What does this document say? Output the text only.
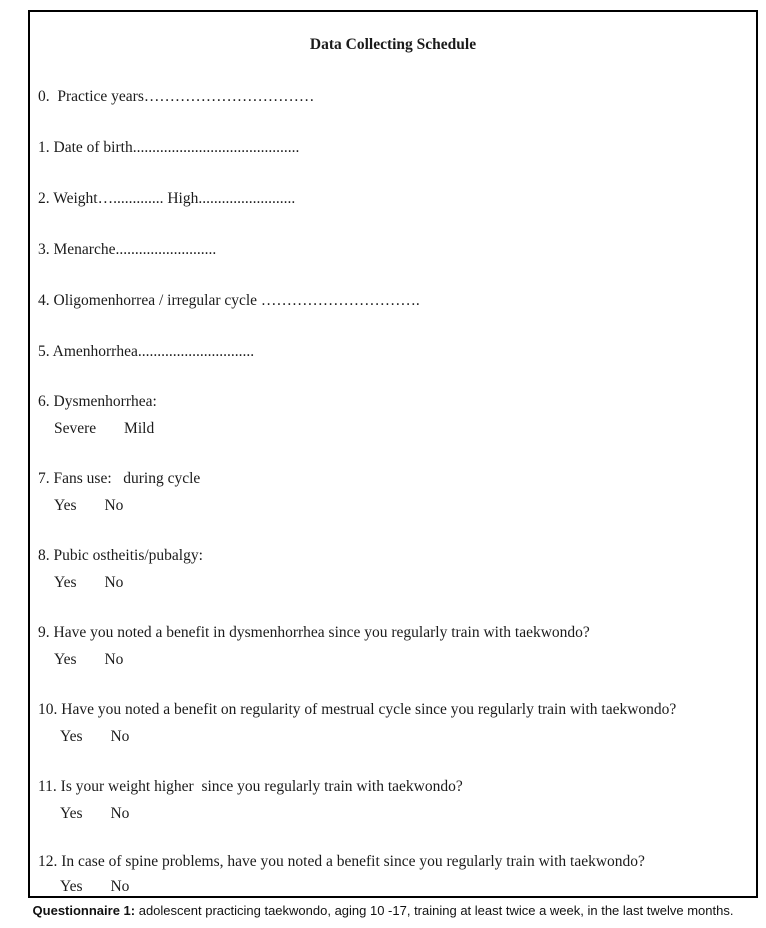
Data Collecting Schedule
0.  Practice years……………………………
1. Date of birth...........................................
2. Weight…............. High.........................
3. Menarche..........................
4. Oligomenhorrea / irregular cycle ………………………….
5. Amenhorrhea..............................
6. Dysmenhorrhea:
Severe Mild
7. Fans use:   during cycle
Yes No
8. Pubic ostheitis/pubalgy:
Yes No
9. Have you noted a benefit in dysmenhorrhea since you regularly train with taekwondo?
Yes No
10. Have you noted a benefit on regularity of mestrual cycle since you regularly train with taekwondo?
Yes No
11. Is your weight higher  since you regularly train with taekwondo?
Yes No
12. In case of spine problems, have you noted a benefit since you regularly train with taekwondo?
Yes No
Questionnaire 1: adolescent practicing taekwondo, aging 10 -17, training at least twice a week, in the last twelve months.
